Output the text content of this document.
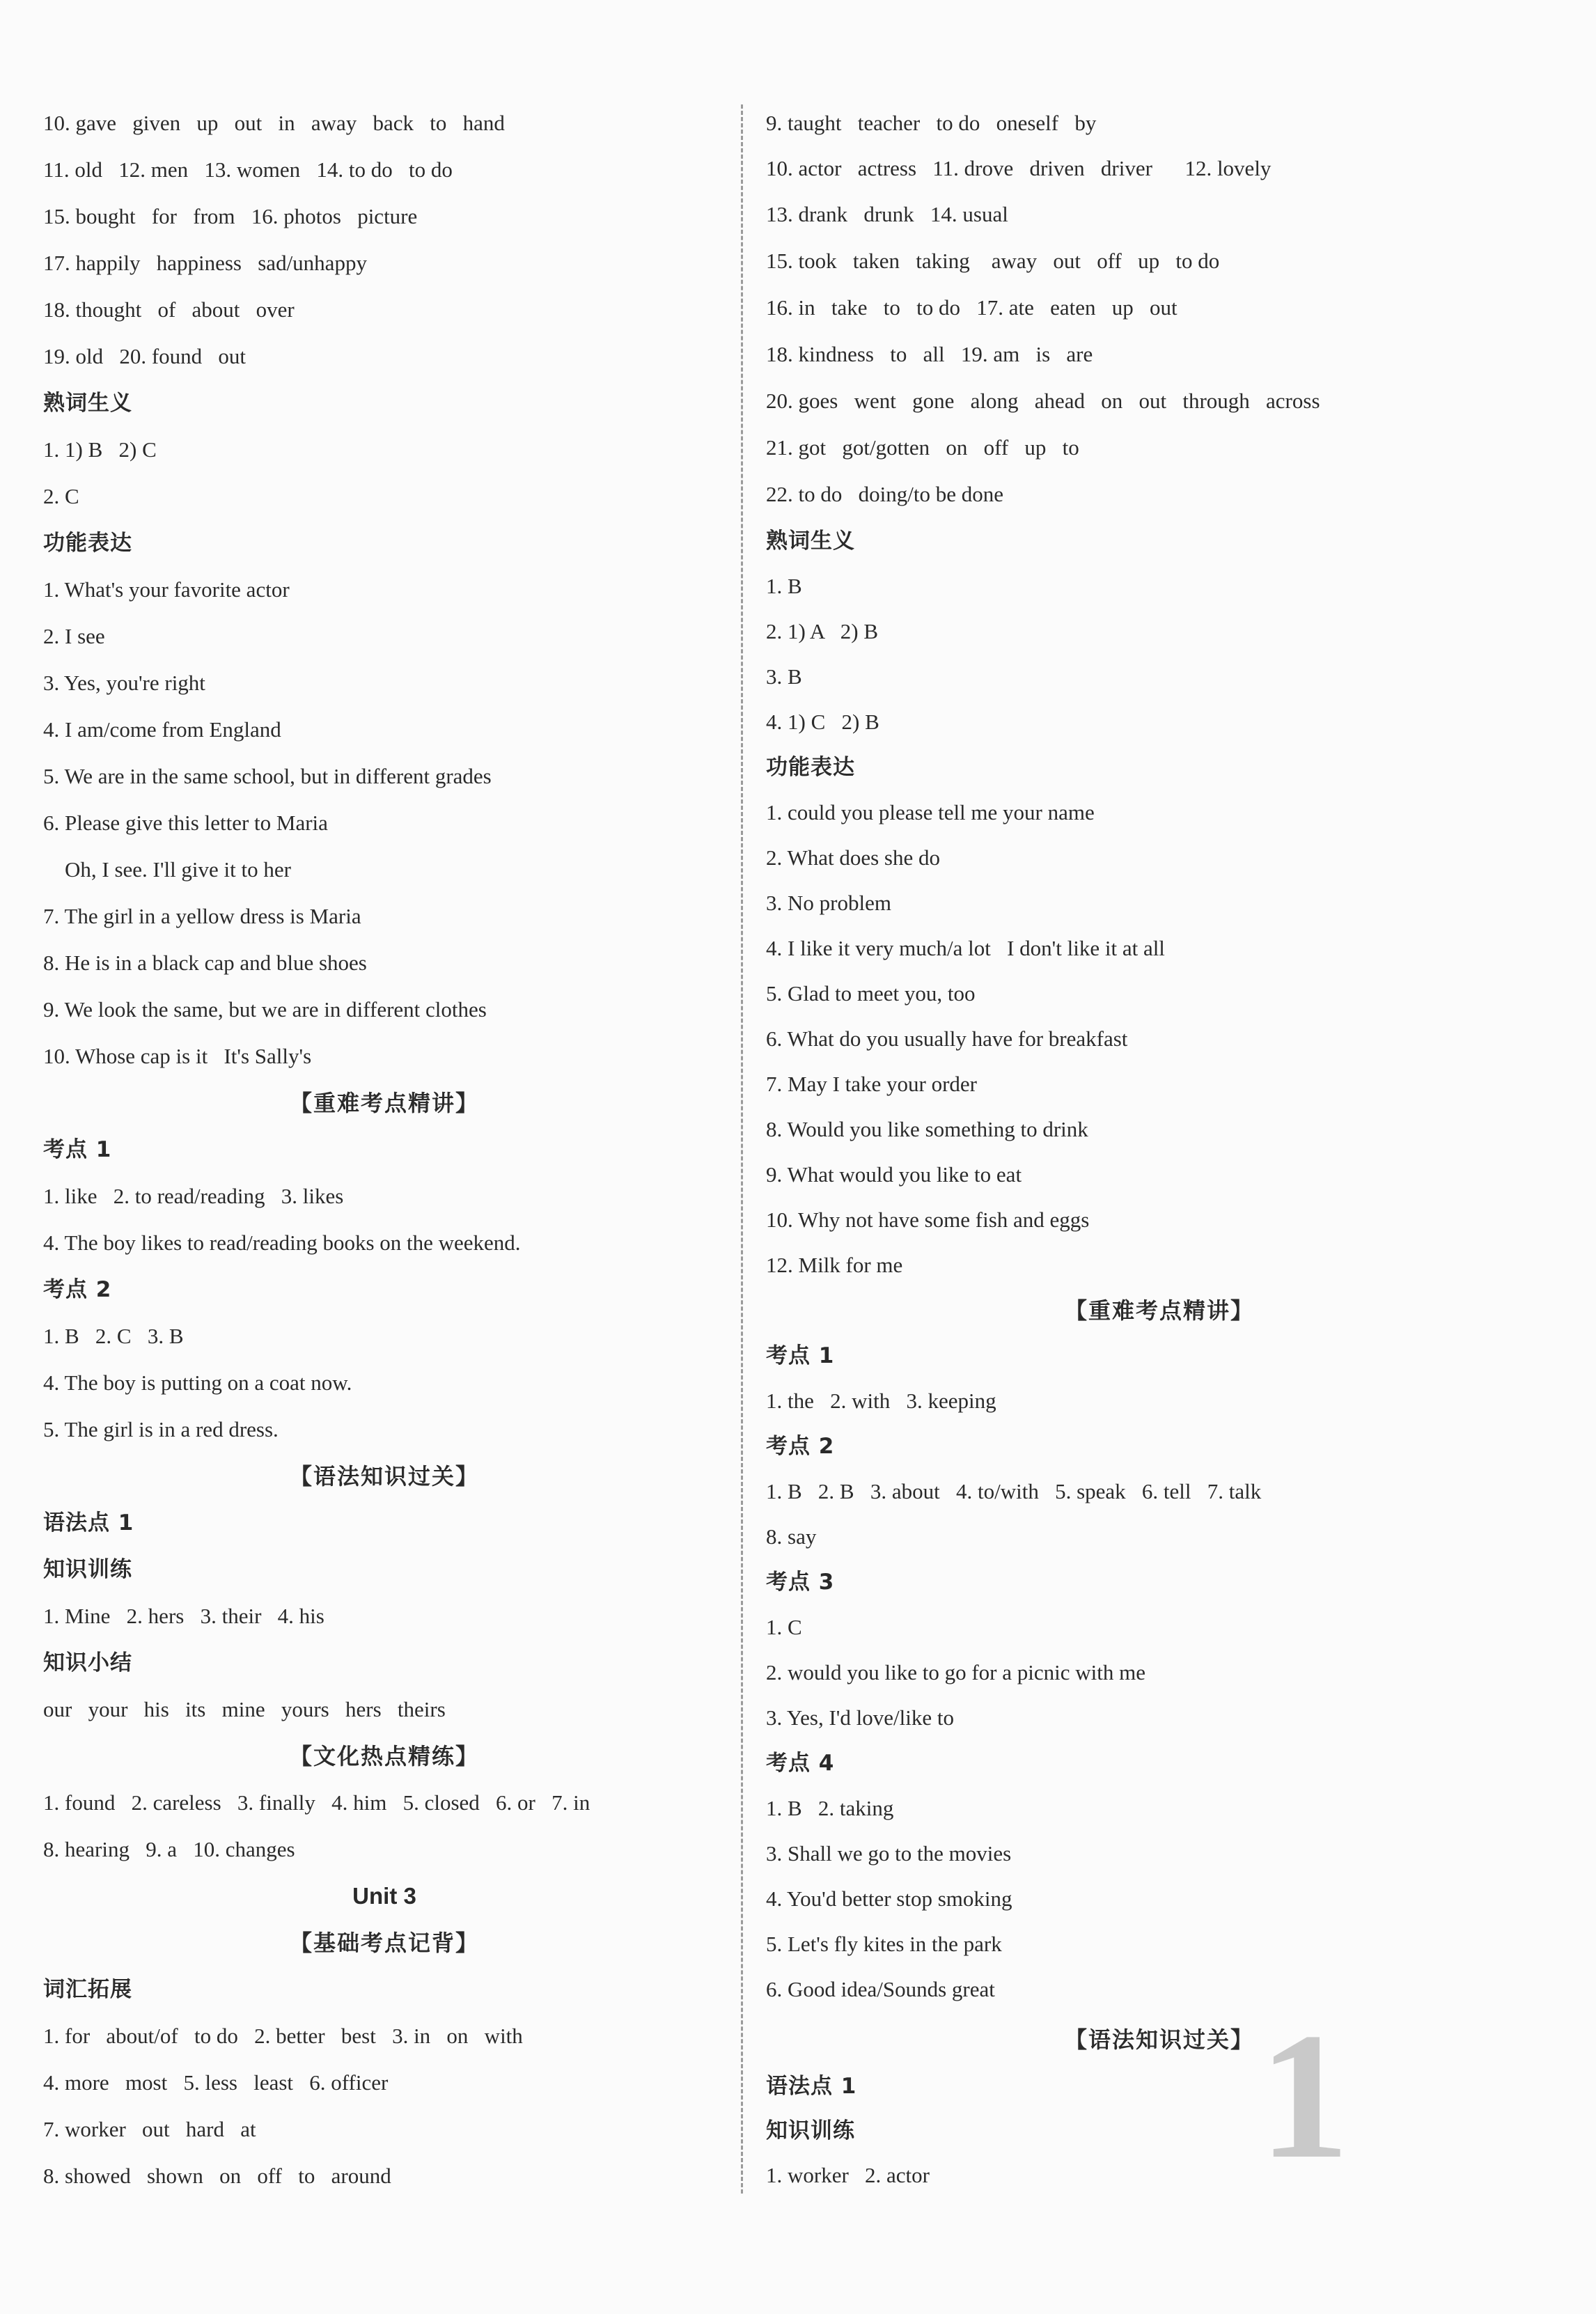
10. gave   given   up   out   in   away   back   to   hand
11. old   12. men   13. women   14. to do   to do
15. bought   for   from   16. photos   picture
17. happily   happiness   sad/unhappy
18. thought   of   about   over
19. old   20. found   out
熟词生义
1. 1) B   2) C
2. C
功能表达
1. What's your favorite actor
2. I see
3. Yes, you're right
4. I am/come from England
5. We are in the same school, but in different grades
6. Please give this letter to Maria
Oh, I see. I'll give it to her
7. The girl in a yellow dress is Maria
8. He is in a black cap and blue shoes
9. We look the same, but we are in different clothes
10. Whose cap is it   It's Sally's
【重难考点精讲】
考点 1
1. like   2. to read/reading   3. likes
4. The boy likes to read/reading books on the weekend.
考点 2
1. B   2. C   3. B
4. The boy is putting on a coat now.
5. The girl is in a red dress.
【语法知识过关】
语法点 1
知识训练
1. Mine   2. hers   3. their   4. his
知识小结
our   your   his   its   mine   yours   hers   theirs
【文化热点精练】
1. found   2. careless   3. finally   4. him   5. closed   6. or   7. in
8. hearing   9. a   10. changes
Unit 3
【基础考点记背】
词汇拓展
1. for   about/of   to do   2. better   best   3. in   on   with
4. more   most   5. less   least   6. officer
7. worker   out   hard   at
8. showed   shown   on   off   to   around
9. taught   teacher   to do   oneself   by
10. actor   actress   11. drove   driven   driver      12. lovely
13. drank   drunk   14. usual
15. took   taken   taking    away   out   off   up   to do
16. in   take   to   to do   17. ate   eaten   up   out
18. kindness   to   all   19. am   is   are
20. goes   went   gone   along   ahead   on   out   through   across
21. got   got/gotten   on   off   up   to
22. to do   doing/to be done
熟词生义
1. B
2. 1) A   2) B
3. B
4. 1) C   2) B
功能表达
1. could you please tell me your name
2. What does she do
3. No problem
4. I like it very much/a lot   I don't like it at all
5. Glad to meet you, too
6. What do you usually have for breakfast
7. May I take your order
8. Would you like something to drink
9. What would you like to eat
10. Why not have some fish and eggs
12. Milk for me
【重难考点精讲】
考点 1
1. the   2. with   3. keeping
考点 2
1. B   2. B   3. about   4. to/with   5. speak   6. tell   7. talk
8. say
考点 3
1. C
2. would you like to go for a picnic with me
3. Yes, I'd love/like to
考点 4
1. B   2. taking
3. Shall we go to the movies
4. You'd better stop smoking
5. Let's fly kites in the park
6. Good idea/Sounds great
【语法知识过关】
语法点 1
知识训练
1. worker   2. actor 1
